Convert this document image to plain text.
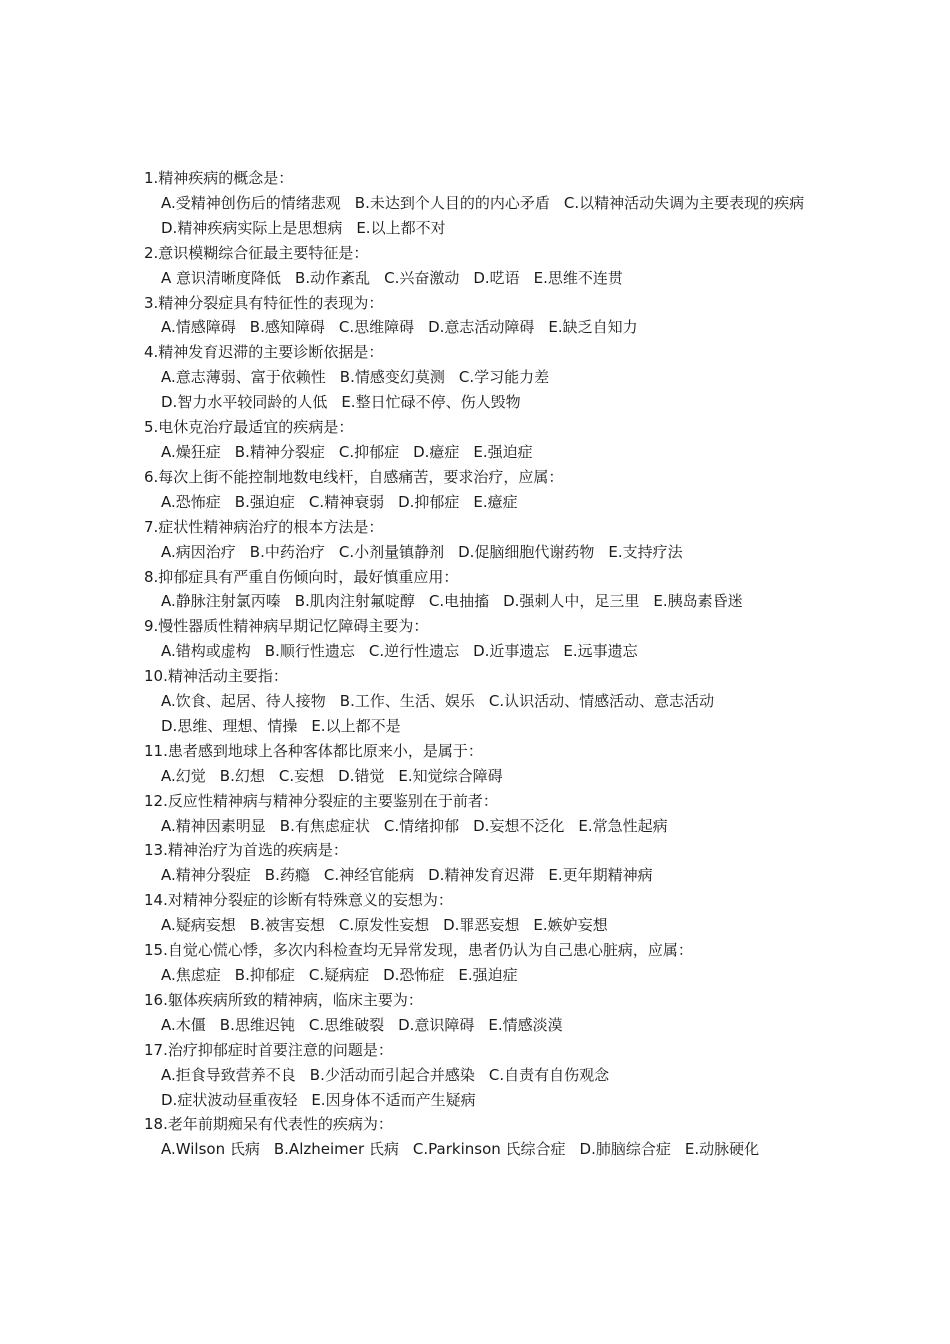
1.精神疾病的概念是：
A.受精神创伤后的情绪悲观 B.未达到个人目的的内心矛盾 C.以精神活动失调为主要表现的疾病
D.精神疾病实际上是思想病 E.以上都不对
2.意识模糊综合征最主要特征是：
A 意识清晰度降低 B.动作紊乱 C.兴奋激动 D.呓语 E.思维不连贯
3.精神分裂症具有特征性的表现为：
A.情感障碍 B.感知障碍 C.思维障碍 D.意志活动障碍 E.缺乏自知力
4.精神发育迟滞的主要诊断依据是：
A.意志薄弱、富于依赖性 B.情感变幻莫测 C.学习能力差
D.智力水平较同龄的人低 E.整日忙碌不停、伤人毁物
5.电休克治疗最适宜的疾病是：
A.燥狂症 B.精神分裂症 C.抑郁症 D.癔症 E.强迫症
6.每次上街不能控制地数电线杆，自感痛苦，要求治疗，应属：
A.恐怖症 B.强迫症 C.精神衰弱 D.抑郁症 E.癔症
7.症状性精神病治疗的根本方法是：
A.病因治疗 B.中药治疗 C.小剂量镇静剂 D.促脑细胞代谢药物 E.支持疗法
8.抑郁症具有严重自伤倾向时，最好慎重应用：
A.静脉注射氯丙嗪 B.肌肉注射氟啶醇 C.电抽搐 D.强刺人中，足三里 E.胰岛素昏迷
9.慢性器质性精神病早期记忆障碍主要为：
A.错构或虚构 B.顺行性遗忘 C.逆行性遗忘 D.近事遗忘 E.远事遗忘
10.精神活动主要指：
A.饮食、起居、待人接物 B.工作、生活、娱乐 C.认识活动、情感活动、意志活动
D.思维、理想、情操 E.以上都不是
11.患者感到地球上各种客体都比原来小，是属于：
A.幻觉 B.幻想 C.妄想 D.错觉 E.知觉综合障碍
12.反应性精神病与精神分裂症的主要鉴别在于前者：
A.精神因素明显 B.有焦虑症状 C.情绪抑郁 D.妄想不泛化 E.常急性起病
13.精神治疗为首选的疾病是：
A.精神分裂症 B.药瘾 C.神经官能病 D.精神发育迟滞 E.更年期精神病
14.对精神分裂症的诊断有特殊意义的妄想为：
A.疑病妄想 B.被害妄想 C.原发性妄想 D.罪恶妄想 E.嫉妒妄想
15.自觉心慌心悸，多次内科检查均无异常发现，患者仍认为自己患心脏病，应属：
A.焦虑症 B.抑郁症 C.疑病症 D.恐怖症 E.强迫症
16.躯体疾病所致的精神病，临床主要为：
A.木僵 B.思维迟钝 C.思维破裂 D.意识障碍 E.情感淡漠
17.治疗抑郁症时首要注意的问题是：
A.拒食导致营养不良 B.少活动而引起合并感染 C.自责有自伤观念
D.症状波动昼重夜轻 E.因身体不适而产生疑病
18.老年前期痴呆有代表性的疾病为：
A.Wilson 氏病 B.Alzheimer 氏病 C.Parkinson 氏综合症 D.肺脑综合症 E.动脉硬化
